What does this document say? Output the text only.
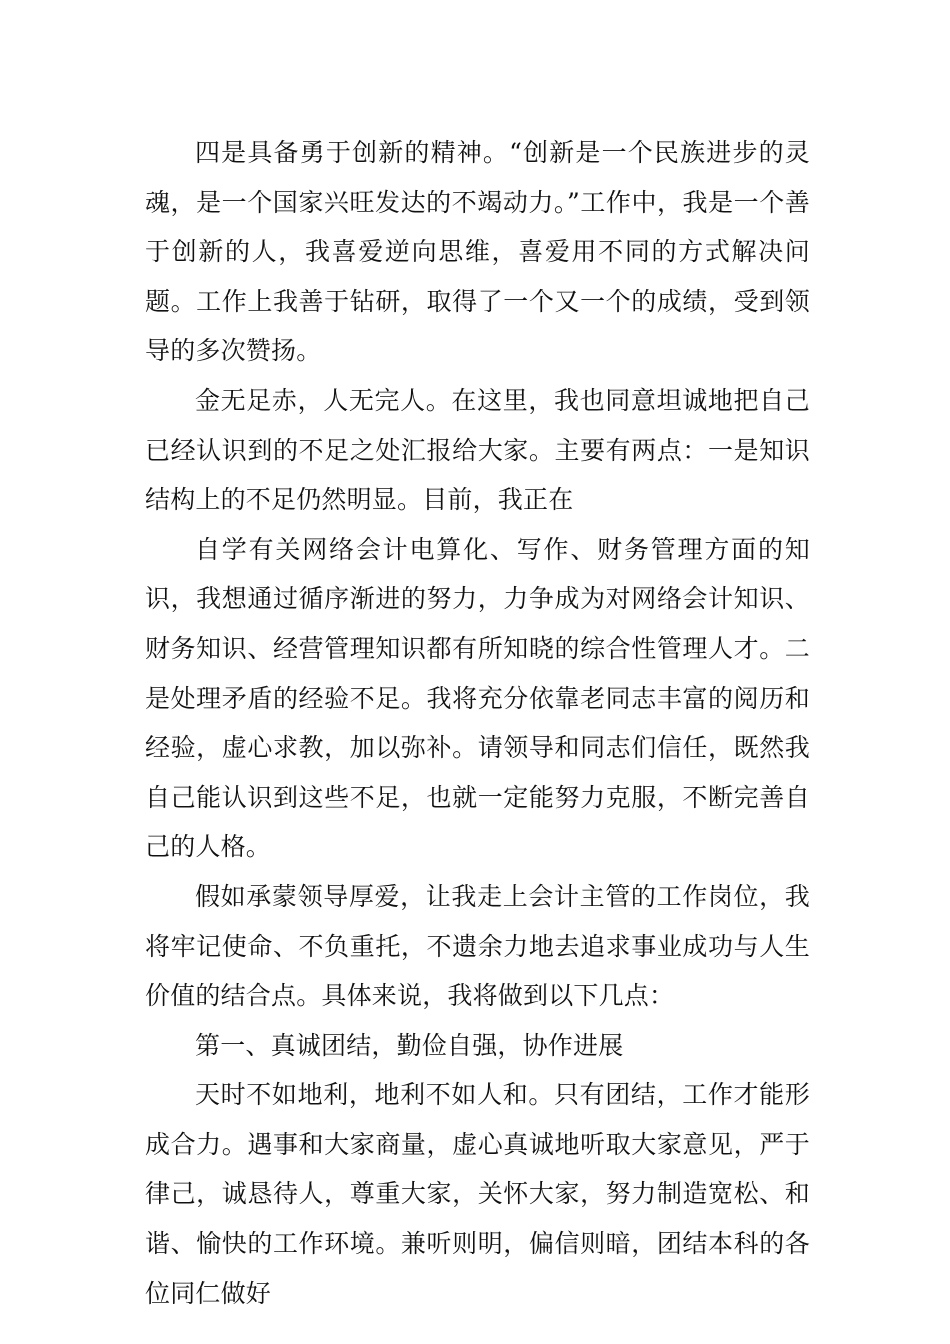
四是具备勇于创新的精神。“创新是一个民族进步的灵魂，是一个国家兴旺发达的不竭动力。”工作中，我是一个善于创新的人，我喜爱逆向思维，喜爱用不同的方式解决问题。工作上我善于钻研，取得了一个又一个的成绩，受到领导的多次赞扬。

金无足赤，人无完人。在这里，我也同意坦诚地把自己已经认识到的不足之处汇报给大家。主要有两点：一是知识结构上的不足仍然明显。目前，我正在

自学有关网络会计电算化、写作、财务管理方面的知识，我想通过循序渐进的努力，力争成为对网络会计知识、财务知识、经营管理知识都有所知晓的综合性管理人才。二是处理矛盾的经验不足。我将充分依靠老同志丰富的阅历和经验，虚心求教，加以弥补。请领导和同志们信任，既然我自己能认识到这些不足，也就一定能努力克服，不断完善自己的人格。

假如承蒙领导厚爱，让我走上会计主管的工作岗位，我将牢记使命、不负重托，不遗余力地去追求事业成功与人生价值的结合点。具体来说，我将做到以下几点：

第一、真诚团结，勤俭自强，协作进展

天时不如地利，地利不如人和。只有团结，工作才能形成合力。遇事和大家商量，虚心真诚地听取大家意见，严于律己，诚恳待人，尊重大家，关怀大家，努力制造宽松、和谐、愉快的工作环境。兼听则明，偏信则暗，团结本科的各位同仁做好
